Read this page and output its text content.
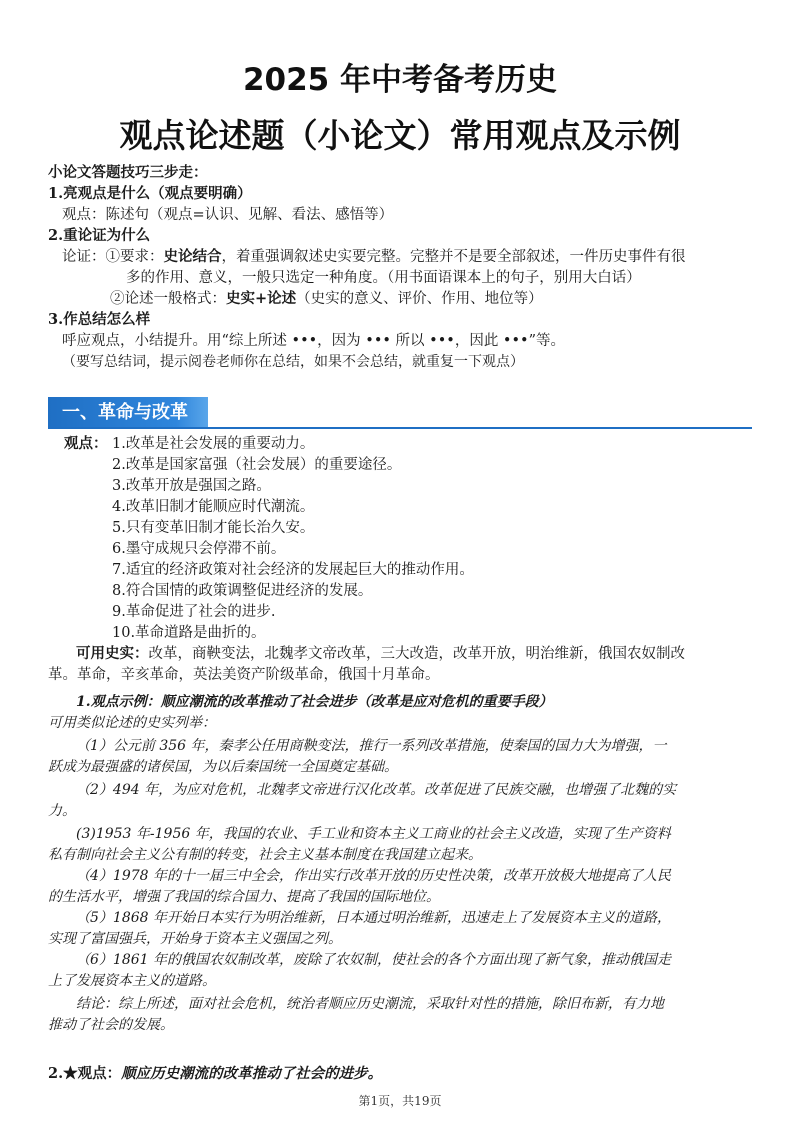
2025 年中考备考历史
观点论述题（小论文）常用观点及示例
小论文答题技巧三步走：
1.亮观点是什么（观点要明确）
观点：陈述句（观点=认识、见解、看法、感悟等）
2.重论证为什么
论证：①要求：史论结合，着重强调叙述史实要完整。完整并不是要全部叙述，一件历史事件有很
多的作用、意义，一般只选定一种角度。（用书面语课本上的句子，别用大白话）
②论述一般格式：史实+论述（史实的意义、评价、作用、地位等）
3.作总结怎么样
呼应观点，小结提升。用“综上所述 •••，因为 ••• 所以 •••，因此 •••”等。
（要写总结词，提示阅卷老师你在总结，如果不会总结，就重复一下观点）
一、革命与改革
观点： 1.改革是社会发展的重要动力。
2.改革是国家富强（社会发展）的重要途径。
3.改革开放是强国之路。
4.改革旧制才能顺应时代潮流。
5.只有变革旧制才能长治久安。
6.墨守成规只会停滞不前。
7.适宜的经济政策对社会经济的发展起巨大的推动作用。
8.符合国情的政策调整促进经济的发展。
9.革命促进了社会的进步.
10.革命道路是曲折的。
可用史实：改革，商鞅变法，北魏孝文帝改革，三大改造，改革开放，明治维新，俄国农奴制改
革。革命，辛亥革命，英法美资产阶级革命，俄国十月革命。
1.观点示例：顺应潮流的改革推动了社会进步（改革是应对危机的重要手段）
可用类似论述的史实列举：
（1）公元前 356 年，秦孝公任用商鞅变法，推行一系列改革措施，使秦国的国力大为增强，一
跃成为最强盛的诸侯国，为以后秦国统一全国奠定基础。
（2）494 年，为应对危机，北魏孝文帝进行汉化改革。改革促进了民族交融，也增强了北魏的实
力。
(3)1953 年-1956 年，我国的农业、手工业和资本主义工商业的社会主义改造，实现了生产资料
私有制向社会主义公有制的转变，社会主义基本制度在我国建立起来。
（4）1978 年的十一届三中全会，作出实行改革开放的历史性决策，改革开放极大地提高了人民
的生活水平，增强了我国的综合国力、提高了我国的国际地位。
（5）1868 年开始日本实行为明治维新，日本通过明治维新，迅速走上了发展资本主义的道路，
实现了富国强兵，开始身于资本主义强国之列。
（6）1861 年的俄国农奴制改革，废除了农奴制，使社会的各个方面出现了新气象，推动俄国走
上了发展资本主义的道路。
结论：综上所述，面对社会危机，统治者顺应历史潮流，采取针对性的措施，除旧布新，有力地
推动了社会的发展。
2.★观点：顺应历史潮流的改革推动了社会的进步。
第1页，共19页
